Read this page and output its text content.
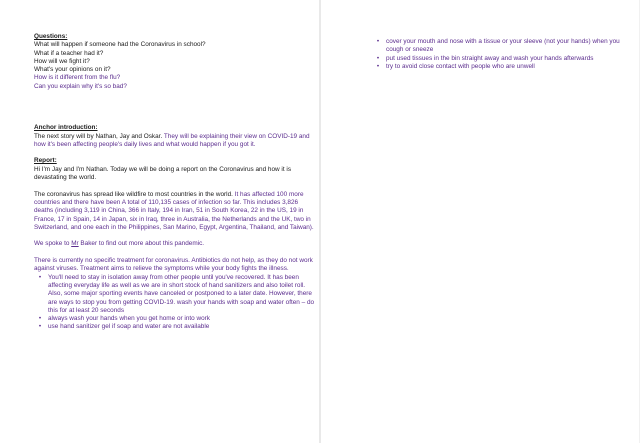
Questions:

What will happen if someone had the Coronavirus in school?

What if a teacher had it?

How will we fight it?

What's your opinions on it?

How is it different from the flu?

Can you explain why it's so bad?

Anchor introduction:

The next story will by Nathan, Jay and Oskar. They will be explaining their view on COVID-19 and how it's been affecting people's daily lives and what would happen if you got it.

Report:

Hi I'm Jay and I'm Nathan. Today we will be doing a report on the Coronavirus and how it is devastating the world.

The coronavirus has spread like wildfire to most countries in the world. It has affected 100 more countries and there have been A total of 110,135 cases of infection so far. This includes 3,826 deaths (including 3,119 in China, 366 in Italy, 194 in Iran, 51 in South Korea, 22 in the US, 19 in France, 17 in Spain, 14 in Japan, six in Iraq, three in Australia, the Netherlands and the UK, two in Switzerland, and one each in the Philippines, San Marino, Egypt, Argentina, Thailand, and Taiwan).

We spoke to Mr Baker to find out more about this pandemic.

There is currently no specific treatment for coronavirus. Antibiotics do not help, as they do not work against viruses. Treatment aims to relieve the symptoms while your body fights the illness.

•	You'll need to stay in isolation away from other people until you've recovered. It has been affecting everyday life as well as we are in short stock of hand sanitizers and also toilet roll. Also, some major sporting events have canceled or postponed to a later date. However, there are ways to stop you from getting COVID-19. wash your hands with soap and water often – do this for at least 20 seconds
•	always wash your hands when you get home or into work
•	use hand sanitizer gel if soap and water are not available
•	cover your mouth and nose with a tissue or your sleeve (not your hands) when you cough or sneeze
•	put used tissues in the bin straight away and wash your hands afterwards
•	try to avoid close contact with people who are unwell
